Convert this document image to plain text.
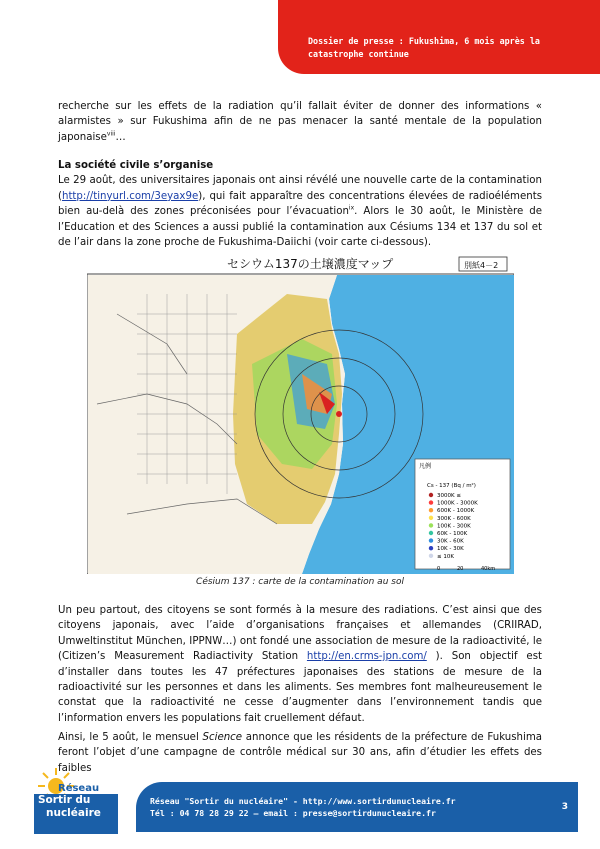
Dossier de presse : Fukushima, 6 mois après la catastrophe continue

recherche sur les effets de la radiation qu’il fallait éviter de donner des informations « alarmistes » sur Fukushima afin de ne pas menacer la santé mentale de la population japonaise$^{viii}$…

La société civile s’organise

Le 29 août, des universitaires japonais ont ainsi révélé une nouvelle carte de la contamination (http://tinyurl.com/3eyax9e), qui fait apparaître des concentrations élevées de radioéléments bien au-delà des zones préconisées pour l’évacuation$^{ix}$. Alors le 30 août, le Ministère de l’Education et des Sciences a aussi publié la contamination aux Césiums 134 et 137 du sol et de l’air dans la zone proche de Fukushima-Daiichi (voir carte ci-dessous).

セシウム137の土壌濃度マップ	別紙4－2
凡例
Cs - 137 (Bq / m²)
3000K ≤
1000K - 3000K
600K - 1000K
300K - 600K
100K - 300K
60K - 100K
30K - 60K
10K - 30K
≤ 10K
0	20	40km
Césium 137 : carte de la contamination au sol

Un peu partout, des citoyens se sont formés à la mesure des radiations. C’est ainsi que des citoyens japonais, avec l’aide d’organisations françaises et allemandes (CRIIRAD, Umweltinstitut München, IPPNW…) ont fondé une association de mesure de la radioactivité, le (Citizen’s Measurement Radiactivity Station http://en.crms-jpn.com/ ). Son objectif est d’installer dans toutes les 47 préfectures japonaises des stations de mesure de la radioactivité sur les personnes et dans les aliments. Ses membres font malheureusement le constat que la radioactivité ne cesse d’augmenter dans l’environnement tandis que l’information envers les populations fait cruellement défaut.

Ainsi, le 5 août, le mensuel Science annonce que les résidents de la préfecture de Fukushima feront l’objet d’une campagne de contrôle médical sur 30 ans, afin d’étudier les effets des faibles

Réseau
Sortir du
nucléaire
Réseau "Sortir du nucléaire" - http://www.sortirdunucleaire.fr
Tél : 04 78 28 29 22 – email : presse@sortirdunucleaire.fr
3
